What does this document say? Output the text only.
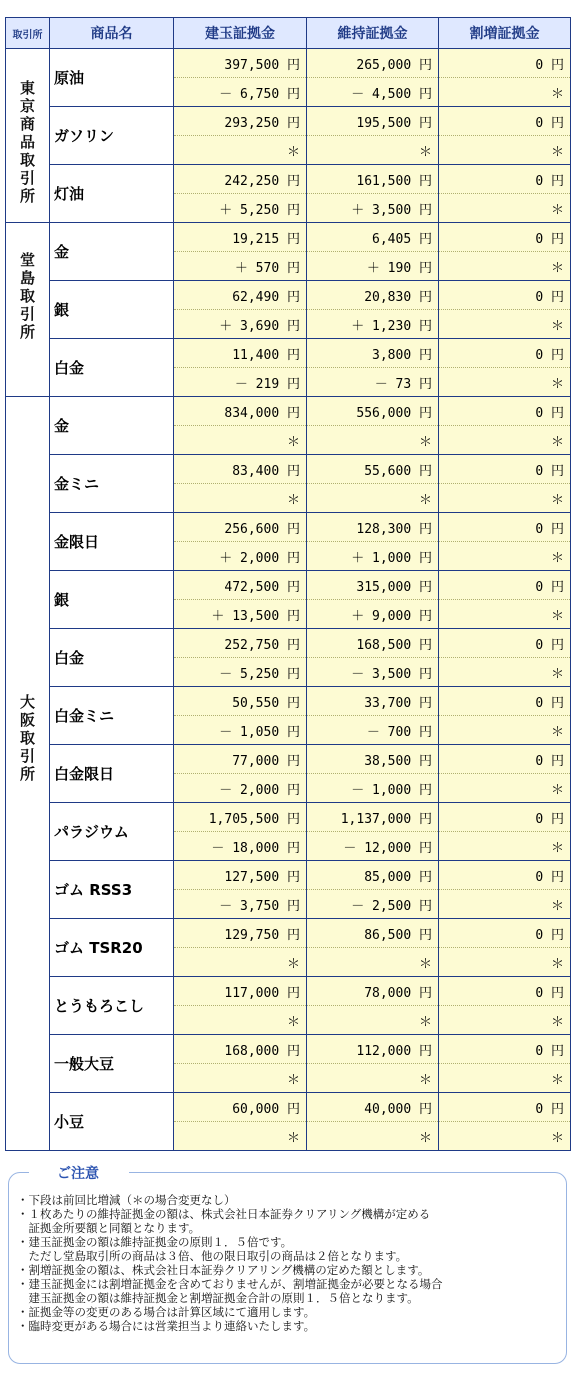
取引所	商品名	建玉証拠金	維持証拠金	割増証拠金
東京商品取引所	原油	397,500 円	265,000 円	0 円
		－ 6,750 円	－ 4,500 円	＊
	ガソリン	293,250 円	195,500 円	0 円
		＊	＊	＊
	灯油	242,250 円	161,500 円	0 円
		＋ 5,250 円	＋ 3,500 円	＊
堂島取引所	金	19,215 円	6,405 円	0 円
		＋ 570 円	＋ 190 円	＊
	銀	62,490 円	20,830 円	0 円
		＋ 3,690 円	＋ 1,230 円	＊
	白金	11,400 円	3,800 円	0 円
		－ 219 円	－ 73 円	＊
大阪取引所	金	834,000 円	556,000 円	0 円
		＊	＊	＊
	金ミニ	83,400 円	55,600 円	0 円
		＊	＊	＊
	金限日	256,600 円	128,300 円	0 円
		＋ 2,000 円	＋ 1,000 円	＊
	銀	472,500 円	315,000 円	0 円
		＋ 13,500 円	＋ 9,000 円	＊
	白金	252,750 円	168,500 円	0 円
		－ 5,250 円	－ 3,500 円	＊
	白金ミニ	50,550 円	33,700 円	0 円
		－ 1,050 円	－ 700 円	＊
	白金限日	77,000 円	38,500 円	0 円
		－ 2,000 円	－ 1,000 円	＊
	パラジウム	1,705,500 円	1,137,000 円	0 円
		－ 18,000 円	－ 12,000 円	＊
	ゴム RSS3	127,500 円	85,000 円	0 円
		－ 3,750 円	－ 2,500 円	＊
	ゴム TSR20	129,750 円	86,500 円	0 円
		＊	＊	＊
	とうもろこし	117,000 円	78,000 円	0 円
		＊	＊	＊
	一般大豆	168,000 円	112,000 円	0 円
		＊	＊	＊
	小豆	60,000 円	40,000 円	0 円
		＊	＊	＊
ご注意
・下段は前回比増減（＊の場合変更なし）
・１枚あたりの維持証拠金の額は、株式会社日本証券クリアリング機構が定める
　証拠金所要額と同額となります。
・建玉証拠金の額は維持証拠金の原則１．５倍です。
　ただし堂島取引所の商品は３倍、他の限日取引の商品は２倍となります。
・割増証拠金の額は、株式会社日本証券クリアリング機構の定めた額とします。
・建玉証拠金には割増証拠金を含めておりませんが、割増証拠金が必要となる場合
　建玉証拠金の額は維持証拠金と割増証拠金合計の原則１．５倍となります。
・証拠金等の変更のある場合は計算区域にて適用します。
・臨時変更がある場合には営業担当より連絡いたします。
